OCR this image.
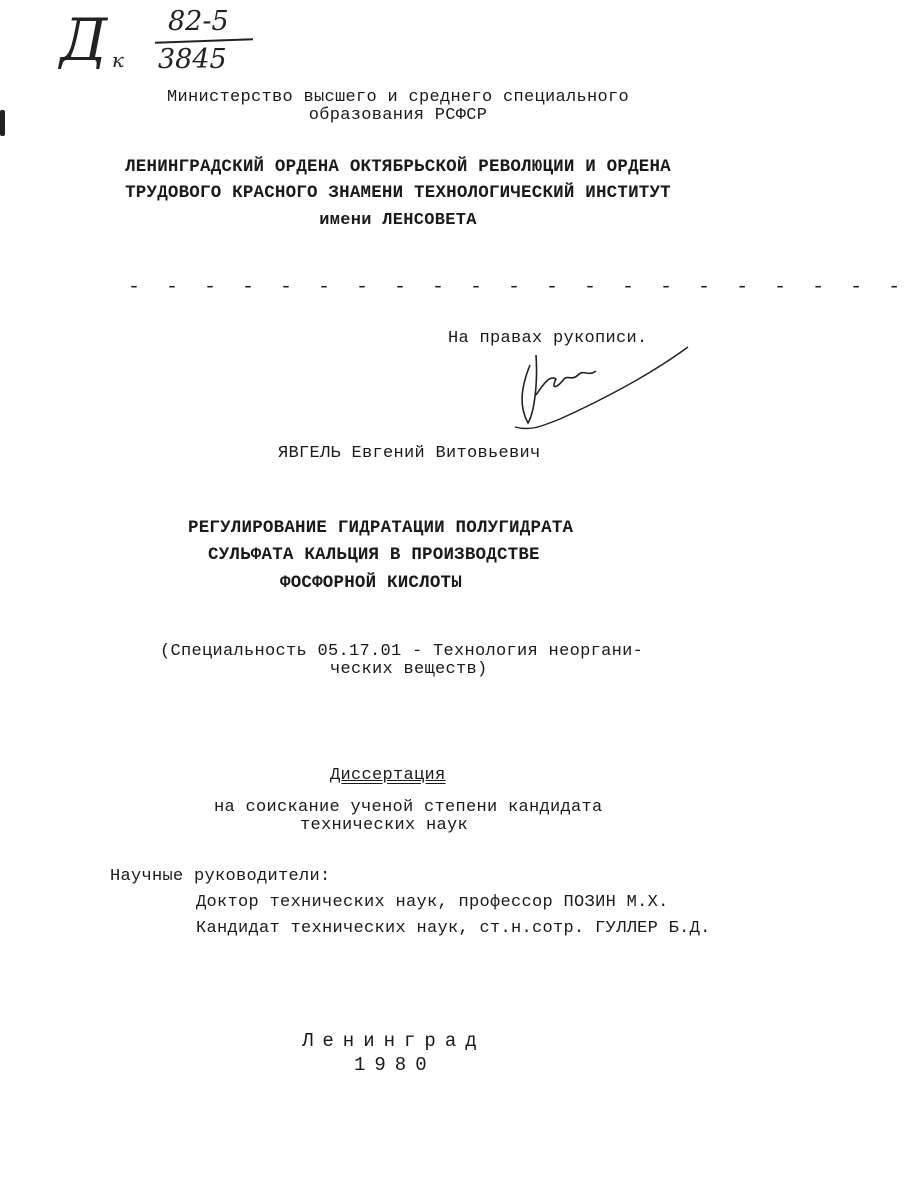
Д к
82-5
3845
Министерство высшего и среднего специального
образования РСФСР
ЛЕНИНГРАДСКИЙ ОРДЕНА ОКТЯБРЬСКОЙ РЕВОЛЮЦИИ И ОРДЕНА
ТРУДОВОГО КРАСНОГО ЗНАМЕНИ ТЕХНОЛОГИЧЕСКИЙ ИНСТИТУТ
имени ЛЕНСОВЕТА
- - - - - - - - - - - - - - - - - - - - -
На правах рукописи.
ЯВГЕЛЬ Евгений Витовьевич
РЕГУЛИРОВАНИЕ ГИДРАТАЦИИ ПОЛУГИДРАТА
СУЛЬФАТА КАЛЬЦИЯ В ПРОИЗВОДСТВЕ
ФОСФОРНОЙ КИСЛОТЫ
(Специальность 05.17.01 - Технология неоргани-
ческих веществ)
Диссертация
на соискание ученой степени кандидата
технических наук
Научные руководители:
Доктор технических наук, профессор ПОЗИН М.Х.
Кандидат технических наук, ст.н.сотр. ГУЛЛЕР Б.Д.
Ленинград
1980
